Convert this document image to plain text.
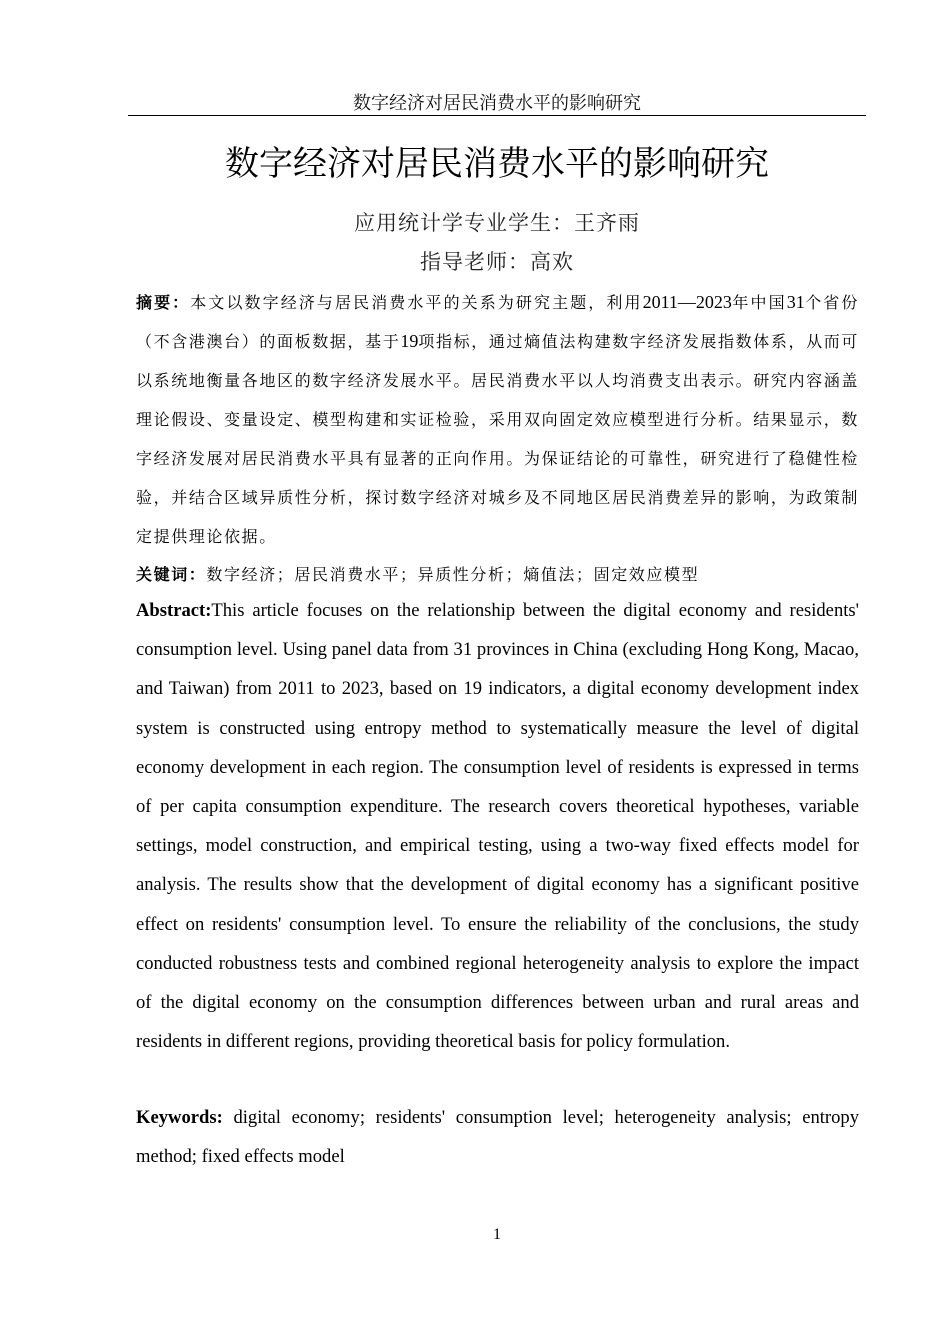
数字经济对居民消费水平的影响研究
数字经济对居民消费水平的影响研究
应用统计学专业学生：王齐雨
指导老师：高欢

摘要：本文以数字经济与居民消费水平的关系为研究主题，利用2011—2023年中国31个省份（不含港澳台）的面板数据，基于19项指标，通过熵值法构建数字经济发展指数体系，从而可以系统地衡量各地区的数字经济发展水平。居民消费水平以人均消费支出表示。研究内容涵盖理论假设、变量设定、模型构建和实证检验，采用双向固定效应模型进行分析。结果显示，数字经济发展对居民消费水平具有显著的正向作用。为保证结论的可靠性，研究进行了稳健性检验，并结合区域异质性分析，探讨数字经济对城乡及不同地区居民消费差异的影响，为政策制定提供理论依据。

关键词：数字经济；居民消费水平；异质性分析；熵值法；固定效应模型

Abstract:This article focuses on the relationship between the digital economy and residents' consumption level. Using panel data from 31 provinces in China (excluding Hong Kong, Macao, and Taiwan) from 2011 to 2023, based on 19 indicators, a digital economy development index system is constructed using entropy method to systematically measure the level of digital economy development in each region. The consumption level of residents is expressed in terms of per capita consumption expenditure. The research covers theoretical hypotheses, variable settings, model construction, and empirical testing, using a two-way fixed effects model for analysis. The results show that the development of digital economy has a significant positive effect on residents' consumption level. To ensure the reliability of the conclusions, the study conducted robustness tests and combined regional heterogeneity analysis to explore the impact of the digital economy on the consumption differences between urban and rural areas and residents in different regions, providing theoretical basis for policy formulation.

Keywords: digital economy; residents' consumption level; heterogeneity analysis; entropy method; fixed effects model

1
